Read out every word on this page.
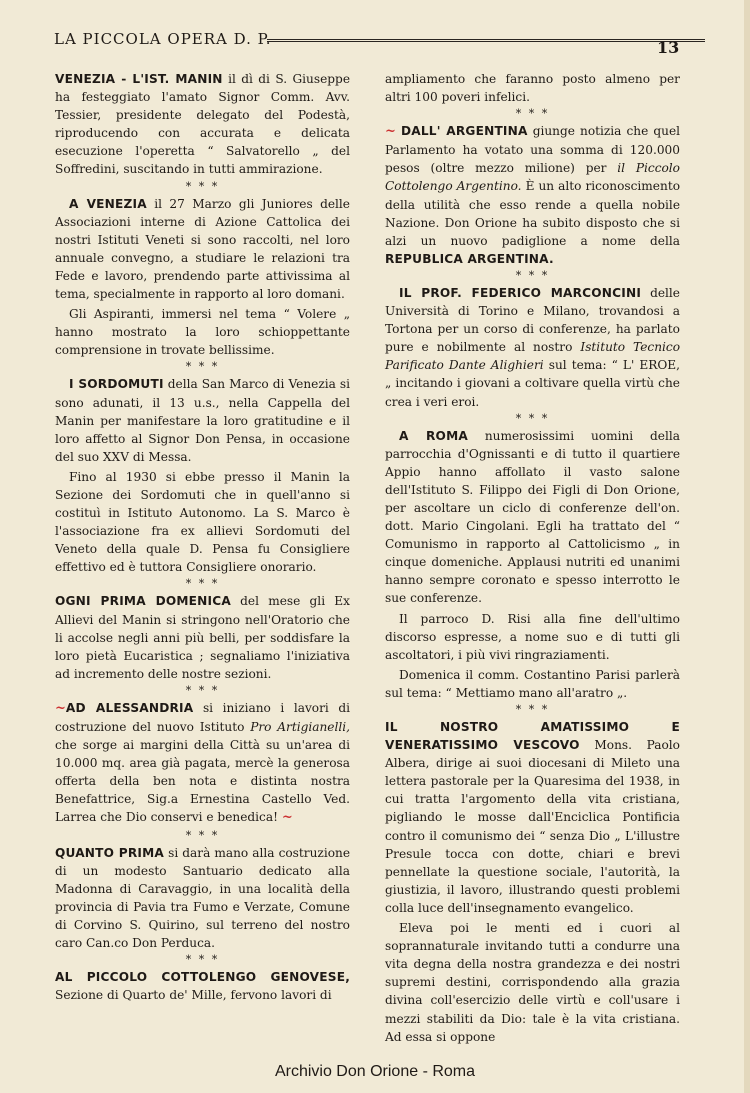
LA PICCOLA OPERA D. P.	13

VENEZIA - L'IST. MANIN il dì di S. Giuseppe ha festeggiato l'amato Signor Comm. Avv. Tessier, presidente delegato del Podestà, riproducendo con accurata e delicata esecuzione l'operetta “ Salvatorello „ del Soffredini, suscitando in tutti ammirazione.

* * *

A VENEZIA il 27 Marzo gli Juniores delle Associazioni interne di Azione Cattolica dei nostri Istituti Veneti si sono raccolti, nel loro annuale convegno, a studiare le relazioni tra Fede e lavoro, prendendo parte attivissima al tema, specialmente in rapporto al loro domani.

Gli Aspiranti, immersi nel tema “ Volere „ hanno mostrato la loro schioppettante comprensione in trovate bellissime.

* * *

I SORDOMUTI della San Marco di Venezia si sono adunati, il 13 u.s., nella Cappella del Manin per manifestare la loro gratitudine e il loro affetto al Signor Don Pensa, in occasione del suo XXV di Messa.

Fino al 1930 si ebbe presso il Manin la Sezione dei Sordomuti che in quell'anno si costituì in Istituto Autonomo. La S. Marco è l'associazione fra ex allievi Sordomuti del Veneto della quale D. Pensa fu Consigliere effettivo ed è tuttora Consigliere onorario.

* * *

OGNI PRIMA DOMENICA del mese gli Ex Allievi del Manin si stringono nell'Oratorio che li accolse negli anni più belli, per soddisfare la loro pietà Eucaristica ; segnaliamo l'iniziativa ad incremento delle nostre sezioni.

* * *

~AD ALESSANDRIA si iniziano i lavori di costruzione del nuovo Istituto Pro Artigianelli, che sorge ai margini della Città su un'area di 10.000 mq. area già pagata, mercè la generosa offerta della ben nota e distinta nostra Benefattrice, Sig.a Ernestina Castello Ved. Larrea che Dio conservi e benedica! ~

* * *

QUANTO PRIMA si darà mano alla costruzione di un modesto Santuario dedicato alla Madonna di Caravaggio, in una località della provincia di Pavia tra Fumo e Verzate, Comune di Corvino S. Quirino, sul terreno del nostro caro Can.co Don Perduca.

* * *

AL PICCOLO COTTOLENGO GENOVESE, Sezione di Quarto de' Mille, fervono lavori di

ampliamento che faranno posto almeno per altri 100 poveri infelici.

* * *

~ DALL' ARGENTINA giunge notizia che quel Parlamento ha votato una somma di 120.000 pesos (oltre mezzo milione) per il Piccolo Cottolengo Argentino. È un alto riconoscimento della utilità che esso rende a quella nobile Nazione. Don Orione ha subito disposto che si alzi un nuovo padiglione a nome della REPUBLICA ARGENTINA.

* * *

IL PROF. FEDERICO MARCONCINI delle Università di Torino e Milano, trovandosi a Tortona per un corso di conferenze, ha parlato pure e nobilmente al nostro Istituto Tecnico Parificato Dante Alighieri sul tema: “ L' EROE, „ incitando i giovani a coltivare quella virtù che crea i veri eroi.

* * *

A ROMA numerosissimi uomini della parrocchia d'Ognissanti e di tutto il quartiere Appio hanno affollato il vasto salone dell'Istituto S. Filippo dei Figli di Don Orione, per ascoltare un ciclo di conferenze dell'on. dott. Mario Cingolani. Egli ha trattato del “ Comunismo in rapporto al Cattolicismo „ in cinque domeniche. Applausi nutriti ed unanimi hanno sempre coronato e spesso interrotto le sue conferenze.

Il parroco D. Risi alla fine dell'ultimo discorso espresse, a nome suo e di tutti gli ascoltatori, i più vivi ringraziamenti.

Domenica il comm. Costantino Parisi parlerà sul tema: “ Mettiamo mano all'aratro „.

* * *

IL NOSTRO AMATISSIMO E VENERATISSIMO VESCOVO Mons. Paolo Albera, dirige ai suoi diocesani di Mileto una lettera pastorale per la Quaresima del 1938, in cui tratta l'argomento della vita cristiana, pigliando le mosse dall'Enciclica Pontificia contro il comunismo dei “ senza Dio „ L'illustre Presule tocca con dotte, chiari e brevi pennellate la questione sociale, l'autorità, la giustizia, il lavoro, illustrando questi problemi colla luce dell'insegnamento evangelico.

Eleva poi le menti ed i cuori al soprannaturale invitando tutti a condurre una vita degna della nostra grandezza e dei nostri supremi destini, corrispondendo alla grazia divina coll'esercizio delle virtù e coll'usare i mezzi stabiliti da Dio: tale è la vita cristiana. Ad essa si oppone

Archivio Don Orione - Roma
